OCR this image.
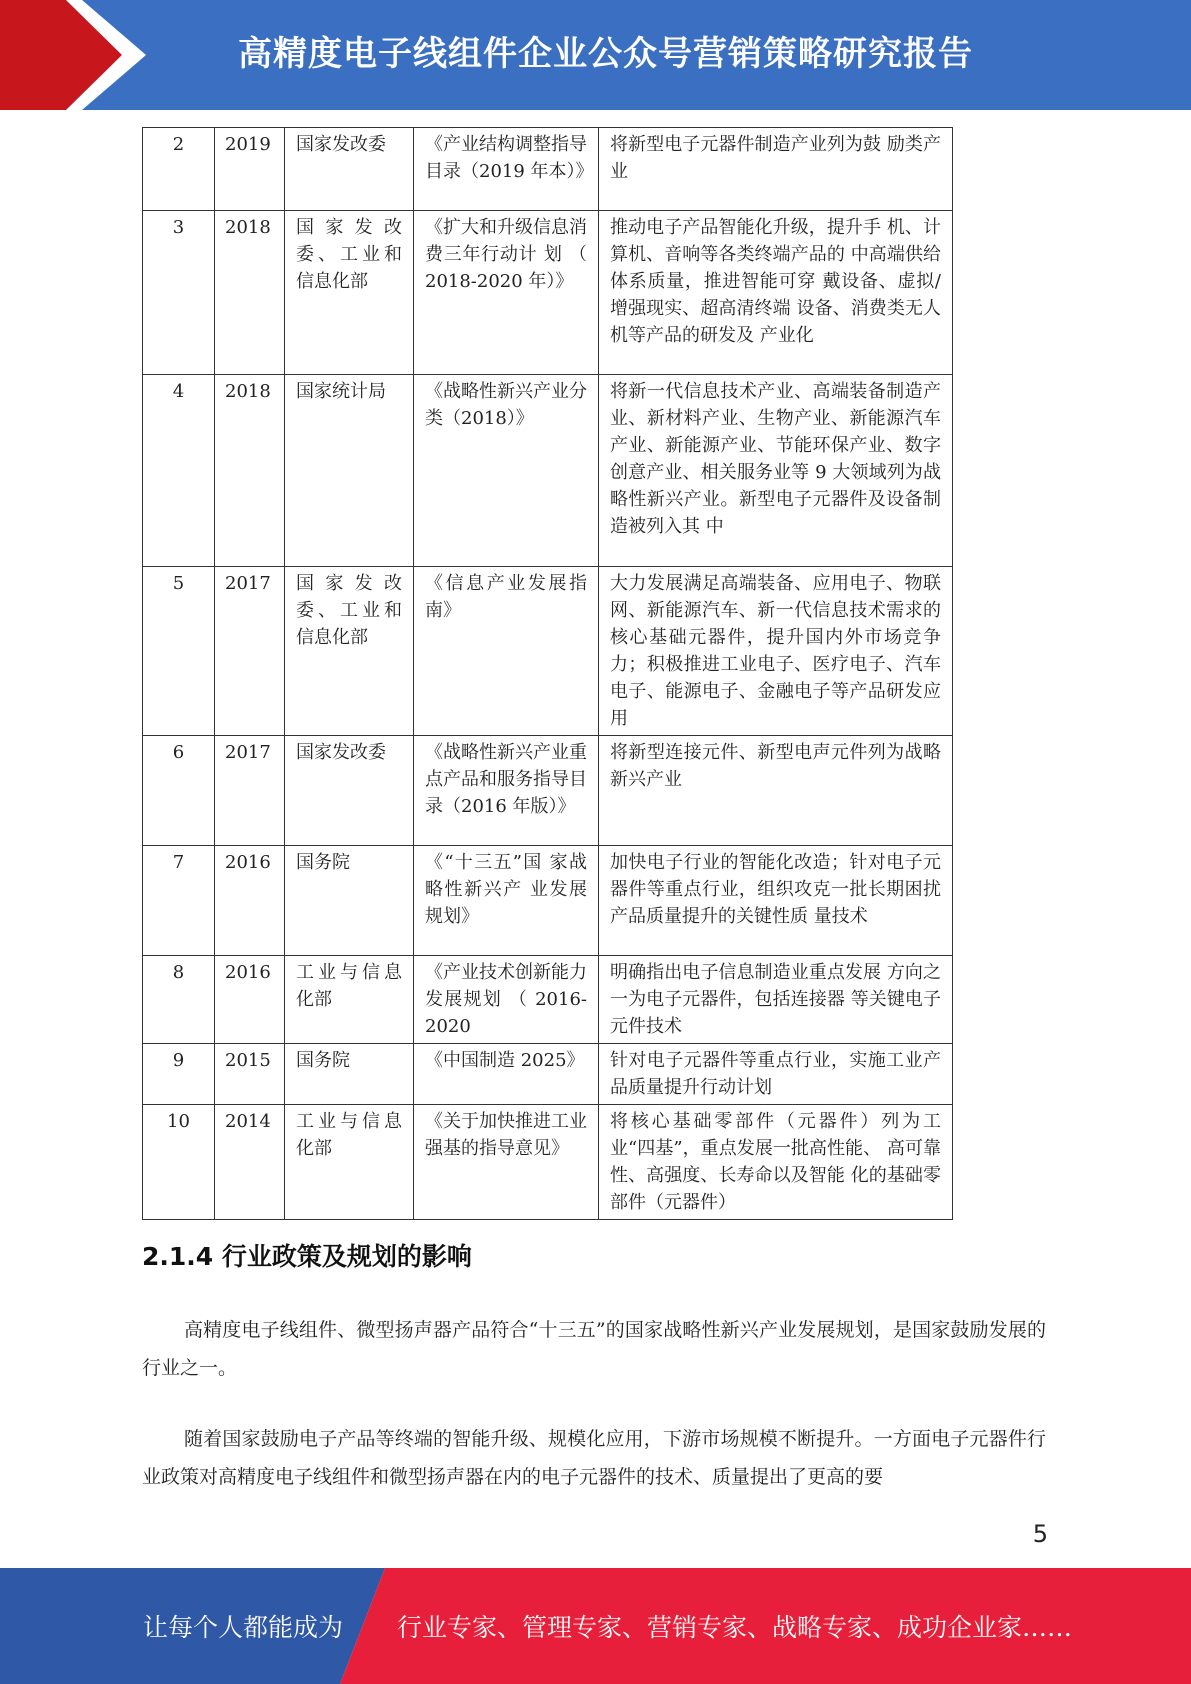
高精度电子线组件企业公众号营销策略研究报告
2	2019	国家发改委	《产业结构调整指导目录（2019 年本）》	将新型电子元器件制造产业列为鼓 励类产业
3	2018	国 家 发 改 委、工业和信息化部	《扩大和升级信息消费三年行动计 划 （ 2018-2020 年）》	推动电子产品智能化升级，提升手 机、计算机、音响等各类终端产品的 中高端供给体系质量，推进智能可穿 戴设备、虚拟/增强现实、超高清终端 设备、消费类无人机等产品的研发及 产业化
4	2018	国家统计局	《战略性新兴产业分类（2018）》	将新一代信息技术产业、高端装备制造产业、新材料产业、生物产业、新能源汽车产业、新能源产业、节能环保产业、数字创意产业、相关服务业等 9 大领域列为战略性新兴产业。新型电子元器件及设备制造被列入其 中
5	2017	国 家 发 改 委、工业和信息化部	《信息产业发展指南》	大力发展满足高端装备、应用电子、物联网、新能源汽车、新一代信息技术需求的核心基础元器件，提升国内外市场竞争力；积极推进工业电子、医疗电子、汽车电子、能源电子、金融电子等产品研发应用
6	2017	国家发改委	《战略性新兴产业重点产品和服务指导目录（2016 年版）》	将新型连接元件、新型电声元件列为战略新兴产业
7	2016	国务院	《“十三五”国 家战略性新兴产 业发展规划》	加快电子行业的智能化改造；针对电子元器件等重点行业，组织攻克一批长期困扰产品质量提升的关键性质 量技术
8	2016	工业与信息化部	《产业技术创新能力发展规划 （ 2016-2020	明确指出电子信息制造业重点发展 方向之一为电子元器件，包括连接器 等关键电子元件技术
9	2015	国务院	《中国制造 2025》	针对电子元器件等重点行业，实施工业产品质量提升行动计划
10	2014	工业与信息化部	《关于加快推进工业强基的指导意见》	将核心基础零部件（元器件）列为工业“四基”，重点发展一批高性能、 高可靠性、高强度、长寿命以及智能 化的基础零部件（元器件）
2.1.4 行业政策及规划的影响

高精度电子线组件、微型扬声器产品符合“十三五”的国家战略性新兴产业发展规划，是国家鼓励发展的行业之一。

随着国家鼓励电子产品等终端的智能升级、规模化应用，下游市场规模不断提升。一方面电子元器件行业政策对高精度电子线组件和微型扬声器在内的电子元器件的技术、质量提出了更高的要

5
让每个人都能成为 行业专家、管理专家、营销专家、战略专家、成功企业家……
